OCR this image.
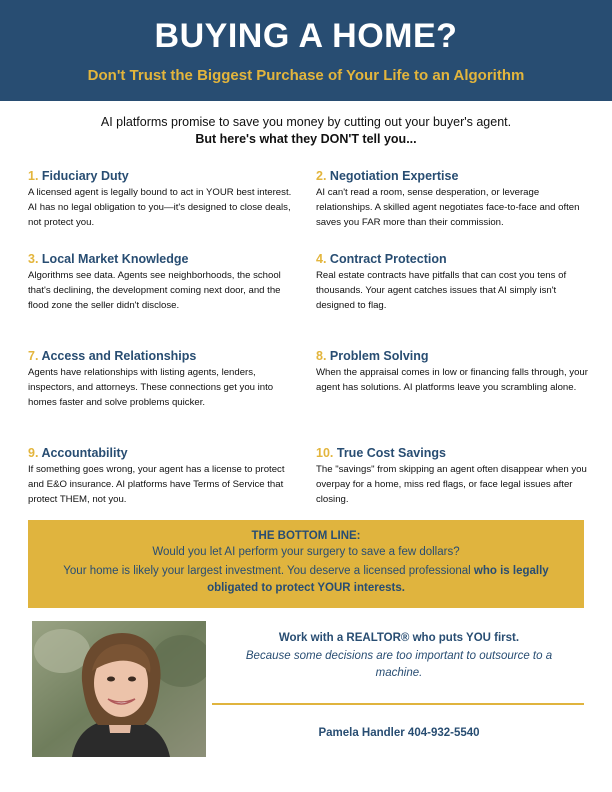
BUYING A HOME?
Don't Trust the Biggest Purchase of Your Life to an Algorithm
AI platforms promise to save you money by cutting out your buyer's agent.
But here's what they DON'T tell you...

1. Fiduciary Duty

A licensed agent is legally bound to act in YOUR best interest. AI has no legal obligation to you—it's designed to close deals, not protect you.

2. Negotiation Expertise

AI can't read a room, sense desperation, or leverage relationships. A skilled agent negotiates face-to-face and often saves you FAR more than their commission.

3. Local Market Knowledge

Algorithms see data. Agents see neighborhoods, the school that's declining, the development coming next door, and the flood zone the seller didn't disclose.

4. Contract Protection

Real estate contracts have pitfalls that can cost you tens of thousands. Your agent catches issues that AI simply isn't designed to flag.

7. Access and Relationships

Agents have relationships with listing agents, lenders, inspectors, and attorneys. These connections get you into homes faster and solve problems quicker.

8. Problem Solving

When the appraisal comes in low or financing falls through, your agent has solutions. AI platforms leave you scrambling alone.

9. Accountability

If something goes wrong, your agent has a license to protect and E&O insurance. AI platforms have Terms of Service that protect THEM, not you.

10. True Cost Savings

The "savings" from skipping an agent often disappear when you overpay for a home, miss red flags, or face legal issues after closing.

THE BOTTOM LINE:
Would you let AI perform your surgery to save a few dollars?
Your home is likely your largest investment. You deserve a licensed professional who is legally obligated to protect YOUR interests.
Work with a REALTOR® who puts YOU first.
Because some decisions are too important to outsource to a machine.
Pamela Handler 404-932-5540
